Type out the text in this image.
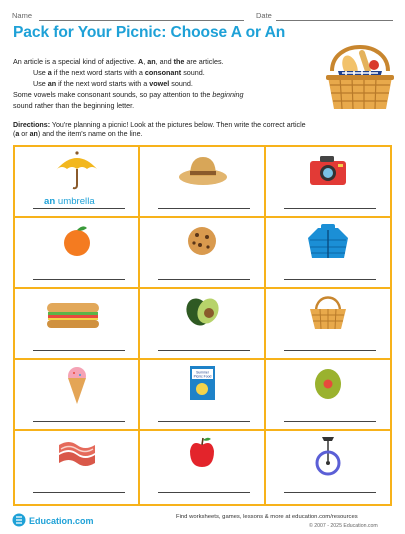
Name	Date
Pack for Your Picnic: Choose A or An
An article is a special kind of adjective. A, an, and the are articles.
Use a if the next word starts with a consonant sound.
Use an if the next word starts with a vowel sound.
Some vowels make consonant sounds, so pay attention to the beginning
sound rather than the beginning letter.
Directions: You're planning a picnic! Look at the pictures below. Then write the correct article
(a or an) and the item's name on the line.
an umbrella
Summer
Picnic Food
Education.com	Find worksheets, games, lessons & more at education.com/resources
© 2007 - 2025 Education.com
